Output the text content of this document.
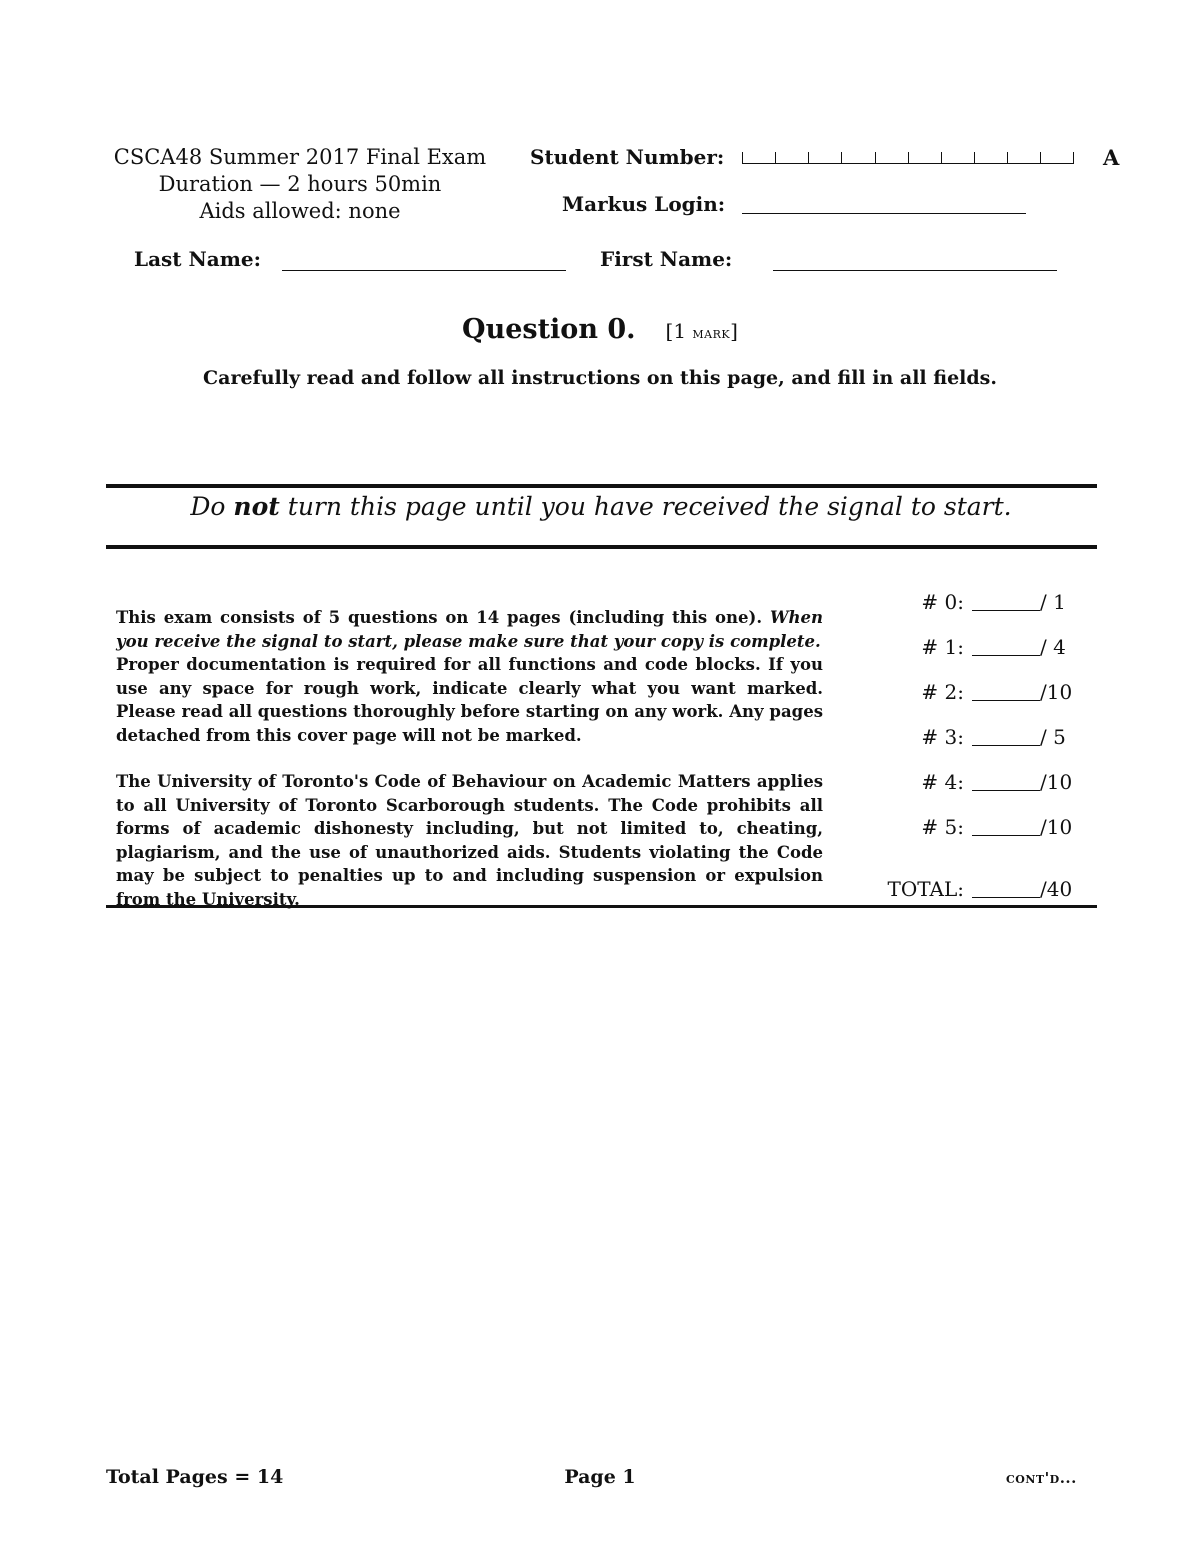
CSCA48 Summer 2017 Final Exam
Duration — 2 hours 50min
Aids allowed: none
Student Number:	A
Markus Login:
Last Name:	First Name:
Question 0. [1 mark]
Carefully read and follow all instructions on this page, and fill in all fields.
Do not turn this page until you have received the signal to start.
This exam consists of 5 questions on 14 pages (including this one). When you receive the signal to start, please make sure that your copy is complete.
Proper documentation is required for all functions and code blocks. If you use any space for rough work, indicate clearly what you want marked. Please read all questions thoroughly before starting on any work. Any pages detached from this cover page will not be marked.
The University of Toronto's Code of Behaviour on Academic Matters applies to all University of Toronto Scarborough students. The Code prohibits all forms of academic dishonesty including, but not limited to, cheating, plagiarism, and the use of unauthorized aids. Students violating the Code may be subject to penalties up to and including suspension or expulsion from the University.
# 0:	/ 1
# 1:	/ 4
# 2:	/10
# 3:	/ 5
# 4:	/10
# 5:	/10
TOTAL:	/40
Total Pages = 14	Page 1	cont'd...
